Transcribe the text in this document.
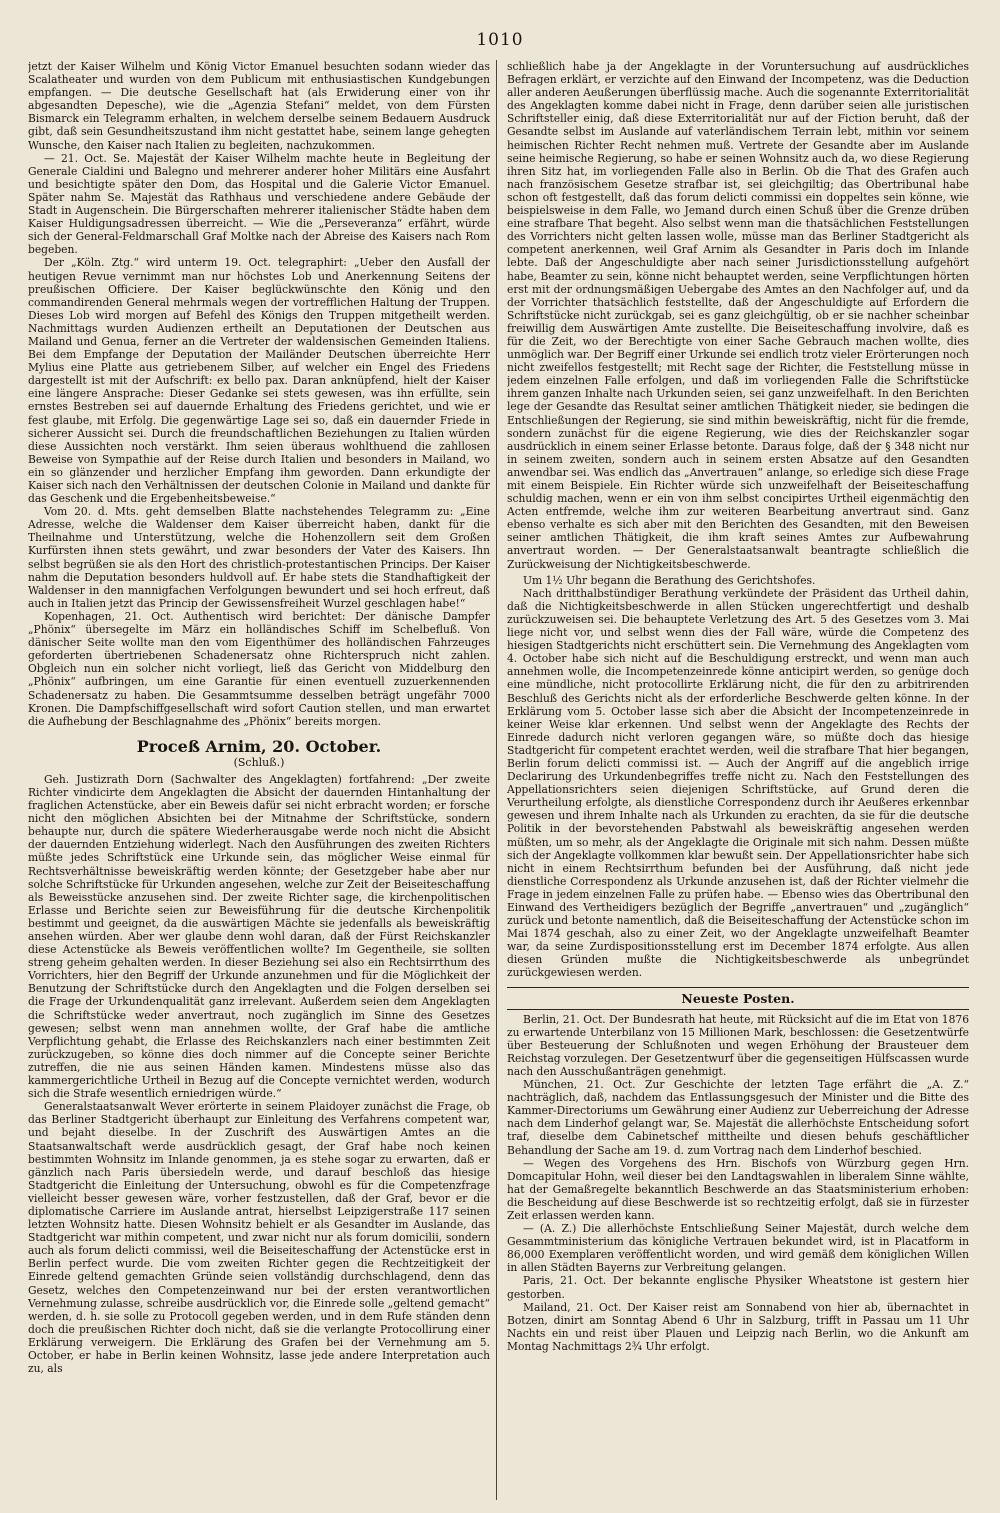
1010

jetzt der Kaiser Wilhelm und König Victor Emanuel besuchten sodann wieder das Scalatheater und wurden von dem Publicum mit enthusiastischen Kundgebungen empfangen. — Die deutsche Gesellschaft hat (als Erwiderung einer von ihr abgesandten Depesche), wie die „Agenzia Stefani“ meldet, von dem Fürsten Bismarck ein Telegramm erhalten, in welchem derselbe seinem Bedauern Ausdruck gibt, daß sein Gesundheitszustand ihm nicht gestattet habe, seinem lange gehegten Wunsche, den Kaiser nach Italien zu begleiten, nachzukommen.

— 21. Oct. Se. Majestät der Kaiser Wilhelm machte heute in Begleitung der Generale Cialdini und Balegno und mehrerer anderer hoher Militärs eine Ausfahrt und besichtigte später den Dom, das Hospital und die Galerie Victor Emanuel. Später nahm Se. Majestät das Rathhaus und verschiedene andere Gebäude der Stadt in Augenschein. Die Bürgerschaften mehrerer italienischer Städte haben dem Kaiser Huldigungsadressen überreicht. — Wie die „Perseveranza“ erfährt, würde sich der General-Feldmarschall Graf Moltke nach der Abreise des Kaisers nach Rom begeben.

Der „Köln. Ztg.“ wird unterm 19. Oct. telegraphirt: „Ueber den Ausfall der heutigen Revue vernimmt man nur höchstes Lob und Anerkennung Seitens der preußischen Officiere. Der Kaiser beglückwünschte den König und den commandirenden General mehrmals wegen der vortrefflichen Haltung der Truppen. Dieses Lob wird morgen auf Befehl des Königs den Truppen mitgetheilt werden. Nachmittags wurden Audienzen ertheilt an Deputationen der Deutschen aus Mailand und Genua, ferner an die Vertreter der waldensischen Gemeinden Italiens. Bei dem Empfange der Deputation der Mailänder Deutschen überreichte Herr Mylius eine Platte aus getriebenem Silber, auf welcher ein Engel des Friedens dargestellt ist mit der Aufschrift: ex bello pax. Daran anknüpfend, hielt der Kaiser eine längere Ansprache: Dieser Gedanke sei stets gewesen, was ihn erfüllte, sein ernstes Bestreben sei auf dauernde Erhaltung des Friedens gerichtet, und wie er fest glaube, mit Erfolg. Die gegenwärtige Lage sei so, daß ein dauernder Friede in sicherer Aussicht sei. Durch die freundschaftlichen Beziehungen zu Italien würden diese Aussichten noch verstärkt. Ihm seien überaus wohlthuend die zahllosen Beweise von Sympathie auf der Reise durch Italien und besonders in Mailand, wo ein so glänzender und herzlicher Empfang ihm geworden. Dann erkundigte der Kaiser sich nach den Verhältnissen der deutschen Colonie in Mailand und dankte für das Geschenk und die Ergebenheitsbeweise.“

Vom 20. d. Mts. geht demselben Blatte nachstehendes Telegramm zu: „Eine Adresse, welche die Waldenser dem Kaiser überreicht haben, dankt für die Theilnahme und Unterstützung, welche die Hohenzollern seit dem Großen Kurfürsten ihnen stets gewährt, und zwar besonders der Vater des Kaisers. Ihn selbst begrüßen sie als den Hort des christlich-protestantischen Princips. Der Kaiser nahm die Deputation besonders huldvoll auf. Er habe stets die Standhaftigkeit der Waldenser in den mannigfachen Verfolgungen bewundert und sei hoch erfreut, daß auch in Italien jetzt das Princip der Gewissensfreiheit Wurzel geschlagen habe!“

Kopenhagen, 21. Oct. Authentisch wird berichtet: Der dänische Dampfer „Phönix“ übersegelte im März ein holländisches Schiff im Schelbefluß. Von dänischer Seite wollte man den vom Eigenthümer des holländischen Fahrzeuges geforderten übertriebenen Schadenersatz ohne Richterspruch nicht zahlen. Obgleich nun ein solcher nicht vorliegt, ließ das Gericht von Middelburg den „Phönix“ aufbringen, um eine Garantie für einen eventuell zuzuerkennenden Schadenersatz zu haben. Die Gesammtsumme desselben beträgt ungefähr 7000 Kronen. Die Dampfschiffgesellschaft wird sofort Caution stellen, und man erwartet die Aufhebung der Beschlagnahme des „Phönix“ bereits morgen.

Proceß Arnim, 20. October.
(Schluß.)

Geh. Justizrath Dorn (Sachwalter des Angeklagten) fortfahrend: „Der zweite Richter vindicirte dem Angeklagten die Absicht der dauernden Hintanhaltung der fraglichen Actenstücke, aber ein Beweis dafür sei nicht erbracht worden; er forsche nicht den möglichen Absichten bei der Mitnahme der Schriftstücke, sondern behaupte nur, durch die spätere Wiederherausgabe werde noch nicht die Absicht der dauernden Entziehung widerlegt. Nach den Ausführungen des zweiten Richters müßte jedes Schriftstück eine Urkunde sein, das möglicher Weise einmal für Rechtsverhältnisse beweiskräftig werden könnte; der Gesetzgeber habe aber nur solche Schriftstücke für Urkunden angesehen, welche zur Zeit der Beiseiteschaffung als Beweisstücke anzusehen sind. Der zweite Richter sage, die kirchenpolitischen Erlasse und Berichte seien zur Beweisführung für die deutsche Kirchenpolitik bestimmt und geeignet, da die auswärtigen Mächte sie jedenfalls als beweiskräftig ansehen würden. Aber wer glaube denn wohl daran, daß der Fürst Reichskanzler diese Actenstücke als Beweis veröffentlichen wollte? Im Gegentheile, sie sollten streng geheim gehalten werden. In dieser Beziehung sei also ein Rechtsirrthum des Vorrichters, hier den Begriff der Urkunde anzunehmen und für die Möglichkeit der Benutzung der Schriftstücke durch den Angeklagten und die Folgen derselben sei die Frage der Urkundenqualität ganz irrelevant. Außerdem seien dem Angeklagten die Schriftstücke weder anvertraut, noch zugänglich im Sinne des Gesetzes gewesen; selbst wenn man annehmen wollte, der Graf habe die amtliche Verpflichtung gehabt, die Erlasse des Reichskanzlers nach einer bestimmten Zeit zurückzugeben, so könne dies doch nimmer auf die Concepte seiner Berichte zutreffen, die nie aus seinen Händen kamen. Mindestens müsse also das kammergerichtliche Urtheil in Bezug auf die Concepte vernichtet werden, wodurch sich die Strafe wesentlich erniedrigen würde.“

Generalstaatsanwalt Wever erörterte in seinem Plaidoyer zunächst die Frage, ob das Berliner Stadtgericht überhaupt zur Einleitung des Verfahrens competent war, und bejaht dieselbe. In der Zuschrift des Auswärtigen Amtes an die Staatsanwaltschaft werde ausdrücklich gesagt, der Graf habe noch keinen bestimmten Wohnsitz im Inlande genommen, ja es stehe sogar zu erwarten, daß er gänzlich nach Paris übersiedeln werde, und darauf beschloß das hiesige Stadtgericht die Einleitung der Untersuchung, obwohl es für die Competenzfrage vielleicht besser gewesen wäre, vorher festzustellen, daß der Graf, bevor er die diplomatische Carriere im Auslande antrat, hierselbst Leipzigerstraße 117 seinen letzten Wohnsitz hatte. Diesen Wohnsitz behielt er als Gesandter im Auslande, das Stadtgericht war mithin competent, und zwar nicht nur als forum domicilii, sondern auch als forum delicti commissi, weil die Beiseiteschaffung der Actenstücke erst in Berlin perfect wurde. Die vom zweiten Richter gegen die Rechtzeitigkeit der Einrede geltend gemachten Gründe seien vollständig durchschlagend, denn das Gesetz, welches den Competenzeinwand nur bei der ersten verantwortlichen Vernehmung zulasse, schreibe ausdrücklich vor, die Einrede solle „geltend gemacht“ werden, d. h. sie solle zu Protocoll gegeben werden, und in dem Rufe ständen denn doch die preußischen Richter doch nicht, daß sie die verlangte Protocollirung einer Erklärung verweigern. Die Erklärung des Grafen bei der Vernehmung am 5. October, er habe in Berlin keinen Wohnsitz, lasse jede andere Interpretation auch zu, als

schließlich habe ja der Angeklagte in der Voruntersuchung auf ausdrückliches Befragen erklärt, er verzichte auf den Einwand der Incompetenz, was die Deduction aller anderen Aeußerungen überflüssig mache. Auch die sogenannte Exterritorialität des Angeklagten komme dabei nicht in Frage, denn darüber seien alle juristischen Schriftsteller einig, daß diese Exterritorialität nur auf der Fiction beruht, daß der Gesandte selbst im Auslande auf vaterländischem Terrain lebt, mithin vor seinem heimischen Richter Recht nehmen muß. Vertrete der Gesandte aber im Auslande seine heimische Regierung, so habe er seinen Wohnsitz auch da, wo diese Regierung ihren Sitz hat, im vorliegenden Falle also in Berlin. Ob die That des Grafen auch nach französischem Gesetze strafbar ist, sei gleichgiltig; das Obertribunal habe schon oft festgestellt, daß das forum delicti commissi ein doppeltes sein könne, wie beispielsweise in dem Falle, wo Jemand durch einen Schuß über die Grenze drüben eine strafbare That begeht. Also selbst wenn man die thatsächlichen Feststellungen des Vorrichters nicht gelten lassen wolle, müsse man das Berliner Stadtgericht als competent anerkennen, weil Graf Arnim als Gesandter in Paris doch im Inlande lebte. Daß der Angeschuldigte aber nach seiner Jurisdictionsstellung aufgehört habe, Beamter zu sein, könne nicht behauptet werden, seine Verpflichtungen hörten erst mit der ordnungsmäßigen Uebergabe des Amtes an den Nachfolger auf, und da der Vorrichter thatsächlich feststellte, daß der Angeschuldigte auf Erfordern die Schriftstücke nicht zurückgab, sei es ganz gleichgültig, ob er sie nachher scheinbar freiwillig dem Auswärtigen Amte zustellte. Die Beiseiteschaffung involvire, daß es für die Zeit, wo der Berechtigte von einer Sache Gebrauch machen wollte, dies unmöglich war. Der Begriff einer Urkunde sei endlich trotz vieler Erörterungen noch nicht zweifellos festgestellt; mit Recht sage der Richter, die Feststellung müsse in jedem einzelnen Falle erfolgen, und daß im vorliegenden Falle die Schriftstücke ihrem ganzen Inhalte nach Urkunden seien, sei ganz unzweifelhaft. In den Berichten lege der Gesandte das Resultat seiner amtlichen Thätigkeit nieder, sie bedingen die Entschließungen der Regierung, sie sind mithin beweiskräftig, nicht für die fremde, sondern zunächst für die eigene Regierung, wie dies der Reichskanzler sogar ausdrücklich in einem seiner Erlasse betonte. Daraus folge, daß der § 348 nicht nur in seinem zweiten, sondern auch in seinem ersten Absatze auf den Gesandten anwendbar sei. Was endlich das „Anvertrauen“ anlange, so erledige sich diese Frage mit einem Beispiele. Ein Richter würde sich unzweifelhaft der Beiseiteschaffung schuldig machen, wenn er ein von ihm selbst concipirtes Urtheil eigenmächtig den Acten entfremde, welche ihm zur weiteren Bearbeitung anvertraut sind. Ganz ebenso verhalte es sich aber mit den Berichten des Gesandten, mit den Beweisen seiner amtlichen Thätigkeit, die ihm kraft seines Amtes zur Aufbewahrung anvertraut worden. — Der Generalstaatsanwalt beantragte schließlich die Zurückweisung der Nichtigkeitsbeschwerde.

Um 1½ Uhr begann die Berathung des Gerichtshofes.

Nach dritthalbstündiger Berathung verkündete der Präsident das Urtheil dahin, daß die Nichtigkeitsbeschwerde in allen Stücken ungerechtfertigt und deshalb zurückzuweisen sei. Die behauptete Verletzung des Art. 5 des Gesetzes vom 3. Mai liege nicht vor, und selbst wenn dies der Fall wäre, würde die Competenz des hiesigen Stadtgerichts nicht erschüttert sein. Die Vernehmung des Angeklagten vom 4. October habe sich nicht auf die Beschuldigung erstreckt, und wenn man auch annehmen wolle, die Incompetenzeinrede könne anticipirt werden, so genüge doch eine mündliche, nicht protocollirte Erklärung nicht, die für den zu arbitrirenden Beschluß des Gerichts nicht als der erforderliche Beschwerde gelten könne. In der Erklärung vom 5. October lasse sich aber die Absicht der Incompetenzeinrede in keiner Weise klar erkennen. Und selbst wenn der Angeklagte des Rechts der Einrede dadurch nicht verloren gegangen wäre, so müßte doch das hiesige Stadtgericht für competent erachtet werden, weil die strafbare That hier begangen, Berlin forum delicti commissi ist. — Auch der Angriff auf die angeblich irrige Declarirung des Urkundenbegriffes treffe nicht zu. Nach den Feststellungen des Appellationsrichters seien diejenigen Schriftstücke, auf Grund deren die Verurtheilung erfolgte, als dienstliche Correspondenz durch ihr Aeußeres erkennbar gewesen und ihrem Inhalte nach als Urkunden zu erachten, da sie für die deutsche Politik in der bevorstehenden Pabstwahl als beweiskräftig angesehen werden müßten, um so mehr, als der Angeklagte die Originale mit sich nahm. Dessen müßte sich der Angeklagte vollkommen klar bewußt sein. Der Appellationsrichter habe sich nicht in einem Rechtsirrthum befunden bei der Ausführung, daß nicht jede dienstliche Correspondenz als Urkunde anzusehen ist, daß der Richter vielmehr die Frage in jedem einzelnen Falle zu prüfen habe. — Ebenso wies das Obertribunal den Einwand des Vertheidigers bezüglich der Begriffe „anvertrauen“ und „zugänglich“ zurück und betonte namentlich, daß die Beiseiteschaffung der Actenstücke schon im Mai 1874 geschah, also zu einer Zeit, wo der Angeklagte unzweifelhaft Beamter war, da seine Zurdispositionsstellung erst im December 1874 erfolgte. Aus allen diesen Gründen mußte die Nichtigkeitsbeschwerde als unbegründet zurückgewiesen werden.

Neueste Posten.

Berlin, 21. Oct. Der Bundesrath hat heute, mit Rücksicht auf die im Etat von 1876 zu erwartende Unterbilanz von 15 Millionen Mark, beschlossen: die Gesetzentwürfe über Besteuerung der Schlußnoten und wegen Erhöhung der Brausteuer dem Reichstag vorzulegen. Der Gesetzentwurf über die gegenseitigen Hülfscassen wurde nach den Ausschußanträgen genehmigt.

München, 21. Oct. Zur Geschichte der letzten Tage erfährt die „A. Z.“ nachträglich, daß, nachdem das Entlassungsgesuch der Minister und die Bitte des Kammer-Directoriums um Gewährung einer Audienz zur Ueberreichung der Adresse nach dem Linderhof gelangt war, Se. Majestät die allerhöchste Entscheidung sofort traf, dieselbe dem Cabinetschef mittheilte und diesen behufs geschäftlicher Behandlung der Sache am 19. d. zum Vortrag nach dem Linderhof beschied.

— Wegen des Vorgehens des Hrn. Bischofs von Würzburg gegen Hrn. Domcapitular Hohn, weil dieser bei den Landtagswahlen in liberalem Sinne wählte, hat der Gemaßregelte bekanntlich Beschwerde an das Staatsministerium erhoben: die Bescheidung auf diese Beschwerde ist so rechtzeitig erfolgt, daß sie in fürzester Zeit erlassen werden kann.

— (A. Z.) Die allerhöchste Entschließung Seiner Majestät, durch welche dem Gesammtministerium das königliche Vertrauen bekundet wird, ist in Placatform in 86,000 Exemplaren veröffentlicht worden, und wird gemäß dem königlichen Willen in allen Städten Bayerns zur Verbreitung gelangen.

Paris, 21. Oct. Der bekannte englische Physiker Wheatstone ist gestern hier gestorben.

Mailand, 21. Oct. Der Kaiser reist am Sonnabend von hier ab, übernachtet in Botzen, dinirt am Sonntag Abend 6 Uhr in Salzburg, trifft in Passau um 11 Uhr Nachts ein und reist über Plauen und Leipzig nach Berlin, wo die Ankunft am Montag Nachmittags 2¾ Uhr erfolgt.
